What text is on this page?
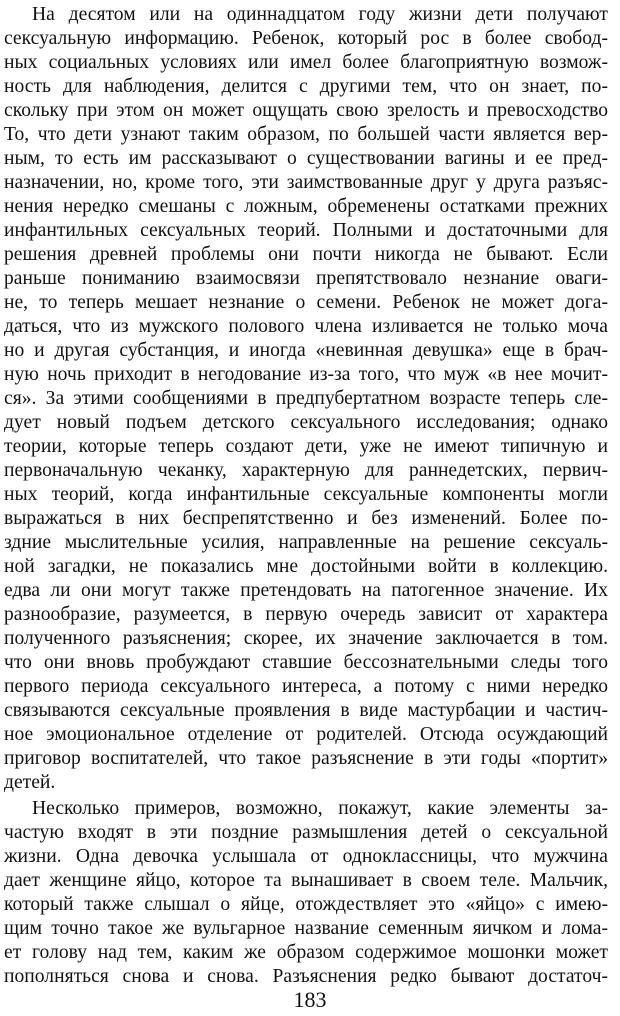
На десятом или на одиннадцатом году жизни дети получают
сексуальную информацию. Ребенок, который рос в более свобод-
ных социальных условиях или имел более благоприятную возмож-
ность для наблюдения, делится с другими тем, что он знает, по-
скольку при этом он может ощущать свою зрелость и превосходство
То, что дети узнают таким образом, по большей части является вер-
ным, то есть им рассказывают о существовании вагины и ее пред-
назначении, но, кроме того, эти заимствованные друг у друга разъяс-
нения нередко смешаны с ложным, обременены остатками прежних
инфантильных сексуальных теорий. Полными и достаточными для
решения древней проблемы они почти никогда не бывают. Если
раньше пониманию взаимосвязи препятствовало незнание оваги-
не, то теперь мешает незнание о семени. Ребенок не может дога-
даться, что из мужского полового члена изливается не только моча
но и другая субстанция, и иногда «невинная девушка» еще в брач-
ную ночь приходит в негодование из-за того, что муж «в нее мочит-
ся». За этими сообщениями в предпубертатном возрасте теперь сле-
дует новый подъем детского сексуального исследования; однако
теории, которые теперь создают дети, уже не имеют типичную и
первоначальную чеканку, характерную для раннедетских, первич-
ных теорий, когда инфантильные сексуальные компоненты могли
выражаться в них беспрепятственно и без изменений. Более по-
здние мыслительные усилия, направленные на решение сексуаль-
ной загадки, не показались мне достойными войти в коллекцию.
едва ли они могут также претендовать на патогенное значение. Их
разнообразие, разумеется, в первую очередь зависит от характера
полученного разъяснения; скорее, их значение заключается в том.
что они вновь пробуждают ставшие бессознательными следы того
первого периода сексуального интереса, а потому с ними нередко
связываются сексуальные проявления в виде мастурбации и частич-
ное эмоциональное отделение от родителей. Отсюда осуждающий
приговор воспитателей, что такое разъяснение в эти годы «портит»
детей.
Несколько примеров, возможно, покажут, какие элементы за-
частую входят в эти поздние размышления детей о сексуальной
жизни. Одна девочка услышала от одноклассницы, что мужчина
дает женщине яйцо, которое та вынашивает в своем теле. Мальчик,
который также слышал о яйце, отождествляет это «яйцо» с имею-
щим точно такое же вульгарное название семенным яичком и лома-
ет голову над тем, каким же образом содержимое мошонки может
пополняться снова и снова. Разъяснения редко бывают достаточ-
183
